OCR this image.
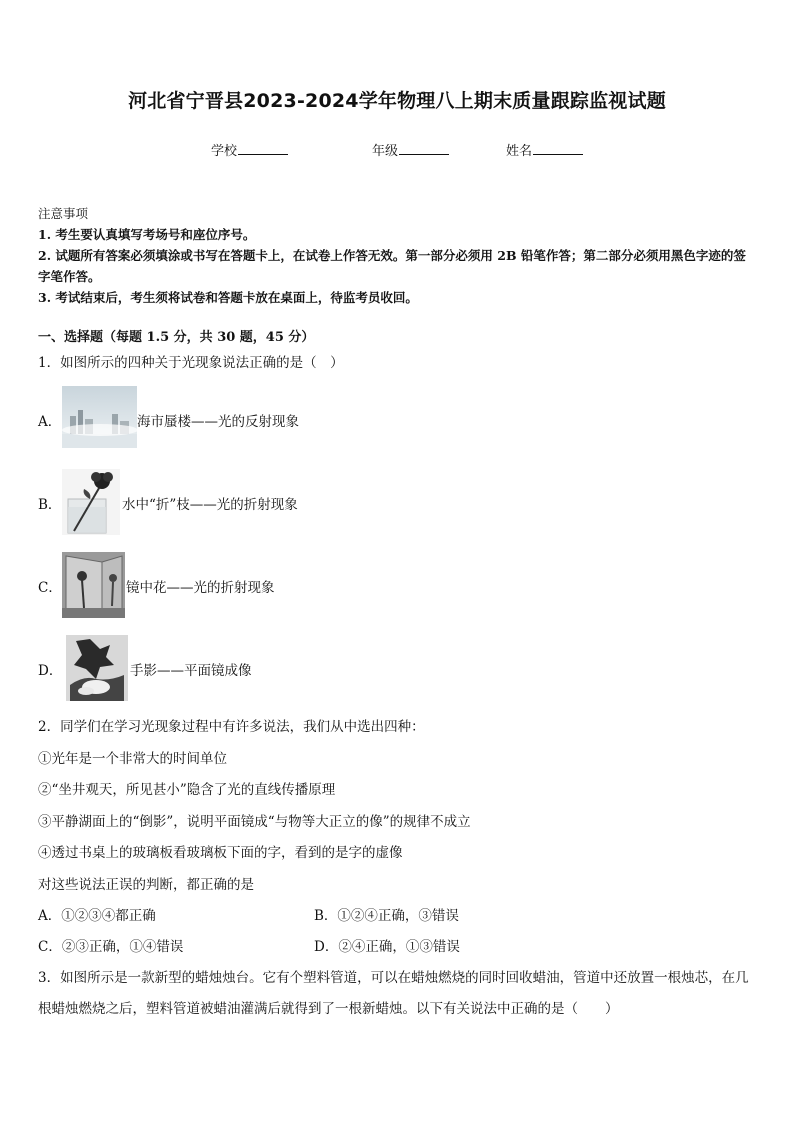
河北省宁晋县2023-2024学年物理八上期末质量跟踪监视试题
学校	年级	姓名

注意事项

1. 考生要认真填写考场号和座位序号。

2. 试题所有答案必须填涂或书写在答题卡上，在试卷上作答无效。第一部分必须用 2B 铅笔作答；第二部分必须用黑色字迹的签字笔作答。

3. 考试结束后，考生须将试卷和答题卡放在桌面上，待监考员收回。

一、选择题（每题 1.5 分，共 30 题，45 分）

1．如图所示的四种关于光现象说法正确的是（　）

A．	海市蜃楼——光的反射现象
B．	水中“折”枝——光的折射现象
C．	镜中花——光的折射现象
D．	手影——平面镜成像

2．同学们在学习光现象过程中有许多说法，我们从中选出四种：

①光年是一个非常大的时间单位

②“坐井观天，所见甚小”隐含了光的直线传播原理

③平静湖面上的“倒影”，说明平面镜成“与物等大正立的像”的规律不成立

④透过书桌上的玻璃板看玻璃板下面的字，看到的是字的虚像

对这些说法正误的判断，都正确的是

A．①②③④都正确	B．①②④正确，③错误
C．②③正确，①④错误	D．②④正确，①③错误

3．如图所示是一款新型的蜡烛烛台。它有个塑料管道，可以在蜡烛燃烧的同时回收蜡油，管道中还放置一根烛芯，在几根蜡烛燃烧之后，塑料管道被蜡油灌满后就得到了一根新蜡烛。以下有关说法中正确的是（　　）
